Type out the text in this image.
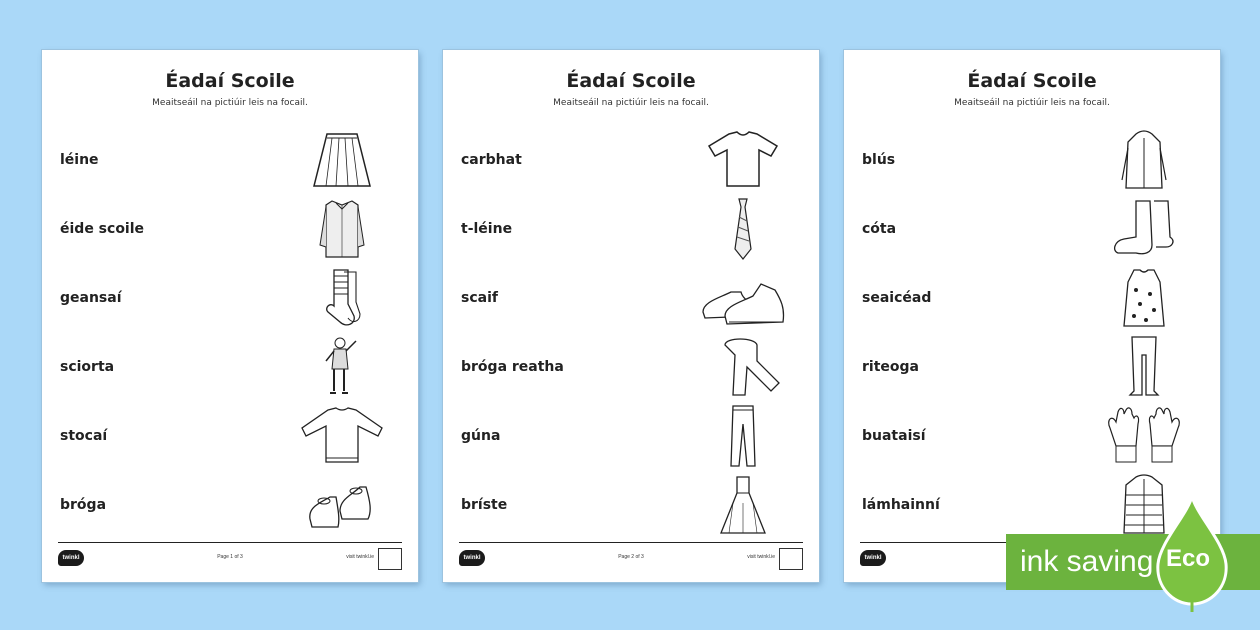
Éadaí Scoile
Meaitseáil na pictiúir leis na focail.
léine
éide scoile
geansaí
sciorta
stocaí
bróga
twinkl	Page 1 of 3	visit twinkl.ie
Éadaí Scoile
Meaitseáil na pictiúir leis na focail.
carbhat
t-léine
scaif
bróga reatha
gúna
bríste
twinkl	Page 2 of 3	visit twinkl.ie
Éadaí Scoile
Meaitseáil na pictiúir leis na focail.
blús
cóta
seaicéad
riteoga
buataisí
lámhainní
twinkl	ink saving Eco
